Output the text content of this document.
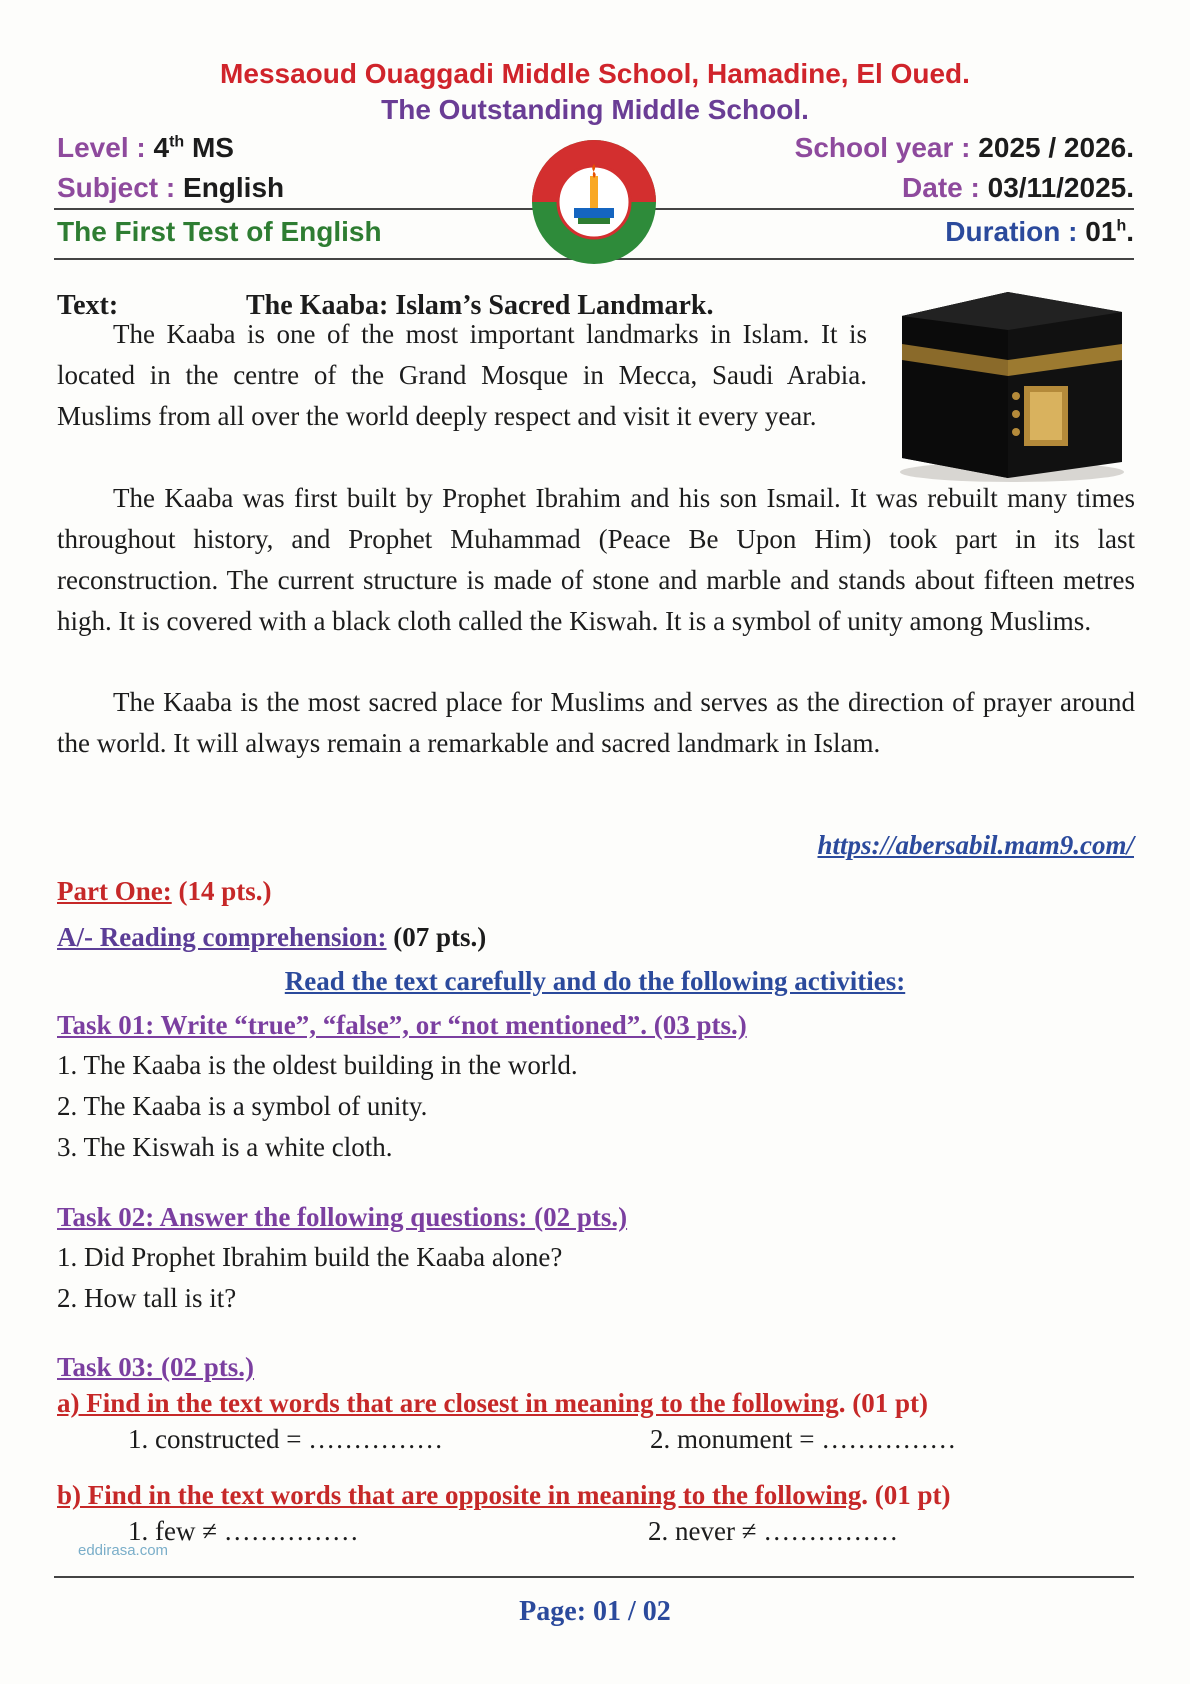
Messaoud Ouaggadi Middle School, Hamadine, El Oued.
The Outstanding Middle School.
Level : 4th MS
Subject : English
The First Test of English
School year : 2025 / 2026.
Date : 03/11/2025.
Duration : 01$^h$.
Text:	The Kaaba: Islam’s Sacred Landmark.

The Kaaba is one of the most important landmarks in Islam. It is located in the centre of the Grand Mosque in Mecca, Saudi Arabia. Muslims from all over the world deeply respect and visit it every year.

The Kaaba was first built by Prophet Ibrahim and his son Ismail. It was rebuilt many times throughout history, and Prophet Muhammad (Peace Be Upon Him) took part in its last reconstruction. The current structure is made of stone and marble and stands about fifteen metres high. It is covered with a black cloth called the Kiswah. It is a symbol of unity among Muslims.

The Kaaba is the most sacred place for Muslims and serves as the direction of prayer around the world. It will always remain a remarkable and sacred landmark in Islam.

https://abersabil.mam9.com/
Part One: (14 pts.)
A/- Reading comprehension: (07 pts.)
Read the text carefully and do the following activities:
Task 01: Write “true”, “false”, or “not mentioned”. (03 pts.)
1. The Kaaba is the oldest building in the world.
2. The Kaaba is a symbol of unity.
3. The Kiswah is a white cloth.
Task 02: Answer the following questions: (02 pts.)
1. Did Prophet Ibrahim build the Kaaba alone?
2. How tall is it?
Task 03: (02 pts.)
a) Find in the text words that are closest in meaning to the following. (01 pt)
1. constructed = ……………	2. monument = ……………
b) Find in the text words that are opposite in meaning to the following. (01 pt)
1. few ≠ ……………	2. never ≠ ……………
eddirasa.com
Page: 01 / 02
